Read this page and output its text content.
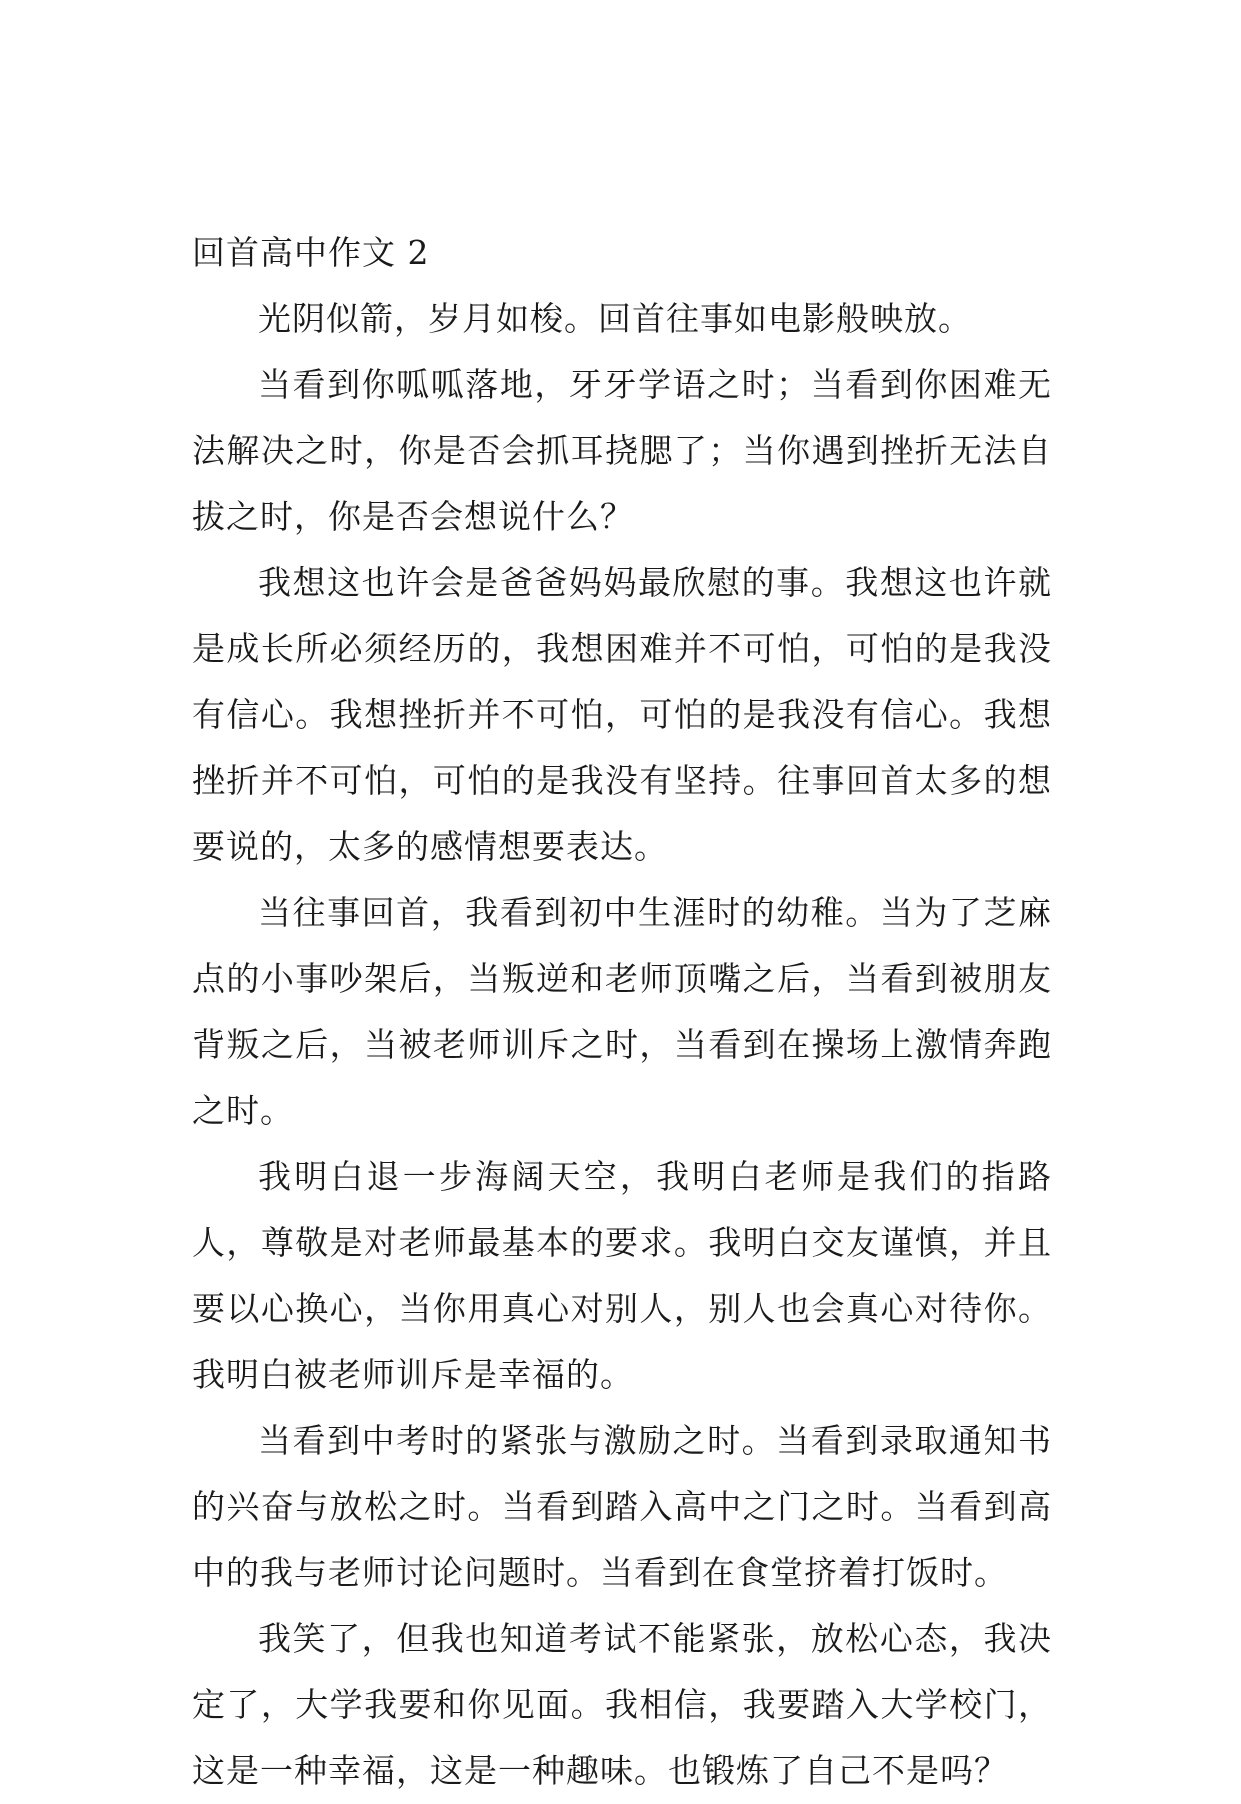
回首高中作文 2

光阴似箭，岁月如梭。回首往事如电影般映放。

当看到你呱呱落地，牙牙学语之时；当看到你困难无法解决之时，你是否会抓耳挠腮了；当你遇到挫折无法自拔之时，你是否会想说什么？

我想这也许会是爸爸妈妈最欣慰的事。我想这也许就是成长所必须经历的，我想困难并不可怕，可怕的是我没有信心。我想挫折并不可怕，可怕的是我没有信心。我想挫折并不可怕，可怕的是我没有坚持。往事回首太多的想要说的，太多的感情想要表达。

当往事回首，我看到初中生涯时的幼稚。当为了芝麻点的小事吵架后，当叛逆和老师顶嘴之后，当看到被朋友背叛之后，当被老师训斥之时，当看到在操场上激情奔跑之时。

我明白退一步海阔天空，我明白老师是我们的指路人，尊敬是对老师最基本的要求。我明白交友谨慎，并且要以心换心，当你用真心对别人，别人也会真心对待你。我明白被老师训斥是幸福的。

当看到中考时的紧张与激励之时。当看到录取通知书的兴奋与放松之时。当看到踏入高中之门之时。当看到高中的我与老师讨论问题时。当看到在食堂挤着打饭时。

我笑了，但我也知道考试不能紧张，放松心态，我决定了，大学我要和你见面。我相信，我要踏入大学校门，这是一种幸福，这是一种趣味。也锻炼了自己不是吗？
